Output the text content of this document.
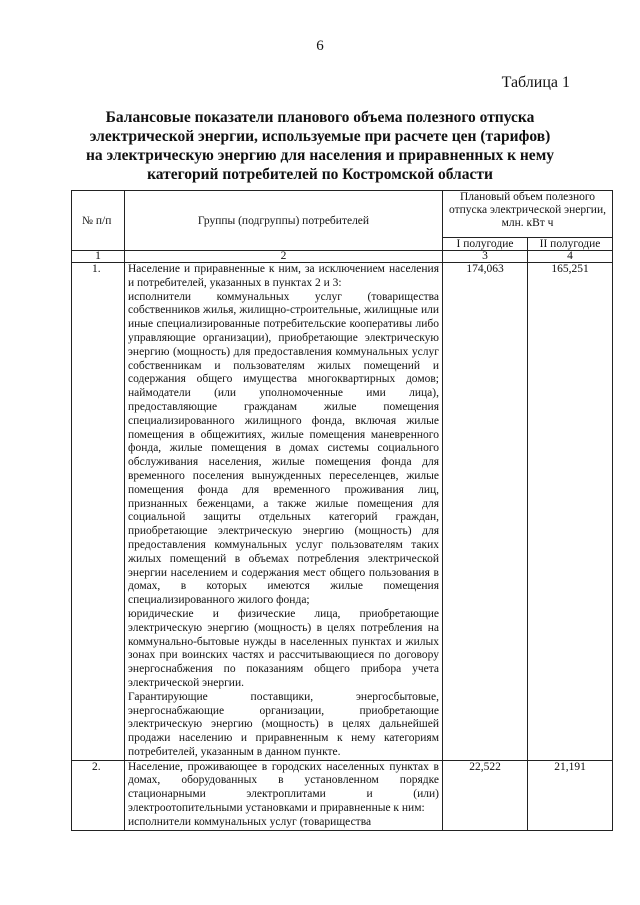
6
Таблица 1
Балансовые показатели планового объема полезного отпуска электрической энергии, используемые при расчете цен (тарифов) на электрическую энергию для населения и приравненных к нему категорий потребителей по Костромской области
№ п/п	Группы (подгруппы) потребителей	Плановый объем полезного отпуска электрической энергии, млн. кВт ч	
		I полугодие	II полугодие
1	2	3	4
1.	Население и приравненные к ним, за исключением населения и потребителей, указанных в пунктах 2 и 3:

исполнители коммунальных услуг (товарищества собственников жилья, жилищно-строительные, жилищные или иные специализированные потребительские кооперативы либо управляющие организации), приобретающие электрическую энергию (мощность) для предоставления коммунальных услуг собственникам и пользователям жилых помещений и содержания общего имущества многоквартирных домов; наймодатели (или уполномоченные ими лица), предоставляющие гражданам жилые помещения специализированного жилищного фонда, включая жилые помещения в общежитиях, жилые помещения маневренного фонда, жилые помещения в домах системы социального обслуживания населения, жилые помещения фонда для временного поселения вынужденных переселенцев, жилые помещения фонда для временного проживания лиц, признанных беженцами, а также жилые помещения для социальной защиты отдельных категорий граждан, приобретающие электрическую энергию (мощность) для предоставления коммунальных услуг пользователям таких жилых помещений в объемах потребления электрической энергии населением и содержания мест общего пользования в домах, в которых имеются жилые помещения специализированного жилого фонда;

юридические и физические лица, приобретающие электрическую энергию (мощность) в целях потребления на коммунально-бытовые нужды в населенных пунктах и жилых зонах при воинских частях и рассчитывающиеся по договору энергоснабжения по показаниям общего прибора учета электрической энергии.

Гарантирующие поставщики, энергосбытовые, энергоснабжающие организации, приобретающие электрическую энергию (мощность) в целях дальнейшей продажи населению и приравненным к нему категориям потребителей, указанным в данном пункте.	174,063	165,251
2.	Население, проживающее в городских населенных пунктах в домах, оборудованных в установленном порядке стационарными электроплитами и (или) электроотопительными установками и приравненные к ним:

исполнители коммунальных услуг (товарищества	22,522	21,191
